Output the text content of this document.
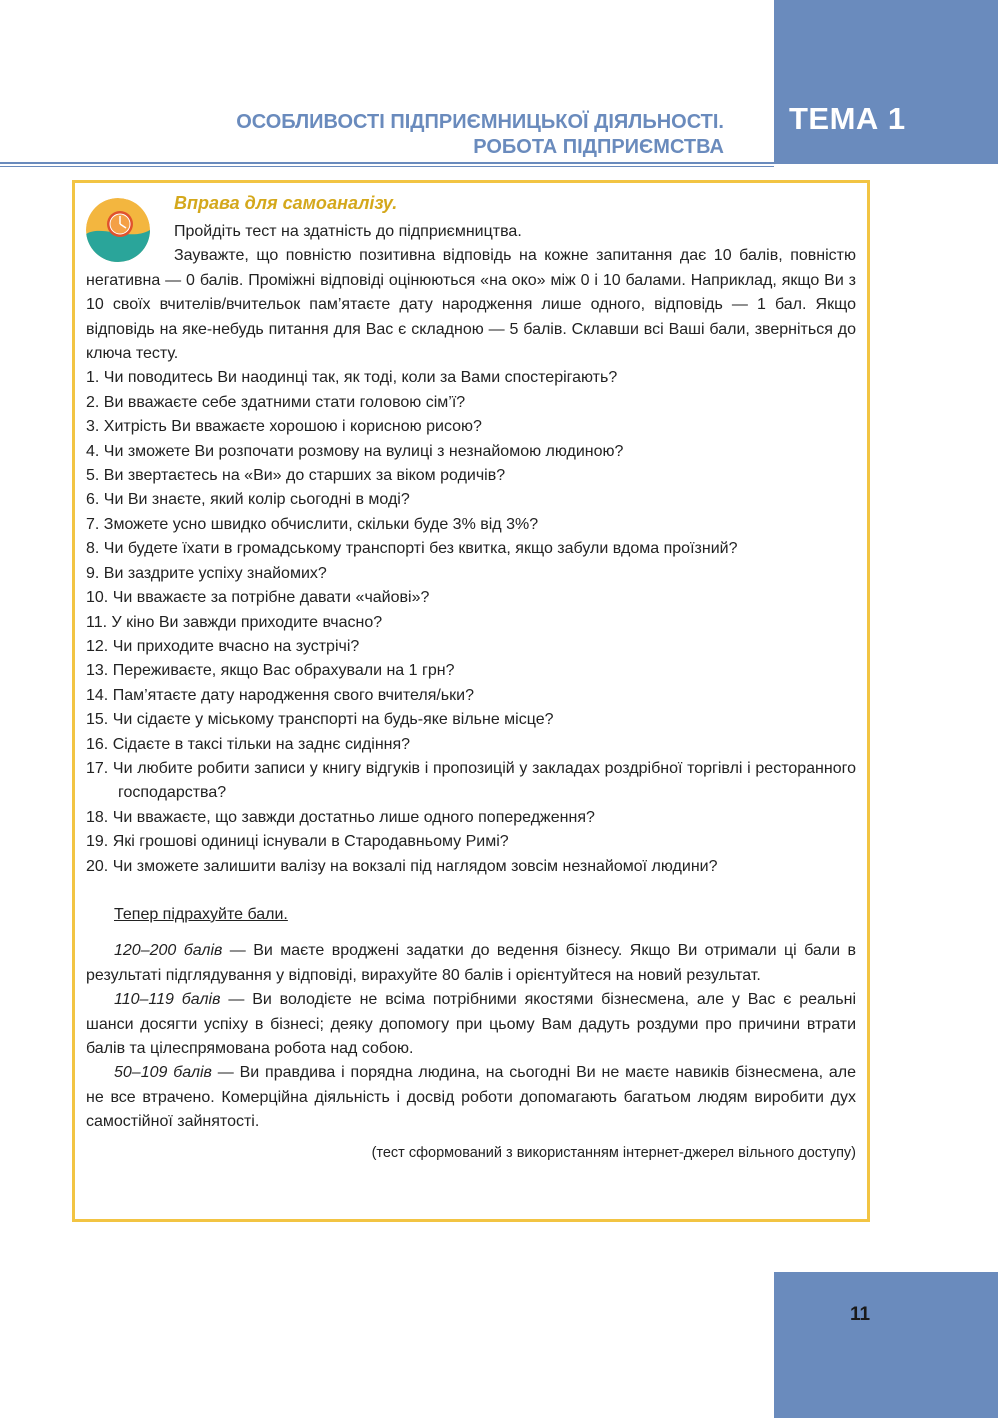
ТЕМА 1
ОСОБЛИВОСТІ ПІДПРИЄМНИЦЬКОЇ ДІЯЛЬНОСТІ.
РОБОТА ПІДПРИЄМСТВА
Вправа для самоаналізу.

Пройдіть тест на здатність до підприємництва.

Зауважте, що повністю позитивна відповідь на кожне запитання дає 10 балів, повністю негативна — 0 балів. Проміжні відповіді оцінюються «на око» між 0 і 10 балами. Наприклад, якщо Ви з 10 своїх вчителів/вчительок пам’ятаєте дату народження лише одного, відповідь — 1 бал. Якщо відповідь на яке-небудь питання для Вас є складною — 5 балів. Склавши всі Ваші бали, зверніться до ключа тесту.

1. Чи поводитесь Ви наодинці так, як тоді, коли за Вами спостерігають?

2. Ви вважаєте себе здатними стати головою сім’ї?

3. Хитрість Ви вважаєте хорошою і корисною рисою?

4. Чи зможете Ви розпочати розмову на вулиці з незнайомою людиною?

5. Ви звертаєтесь на «Ви» до старших за віком родичів?

6. Чи Ви знаєте, який колір сьогодні в моді?

7. Зможете усно швидко обчислити, скільки буде 3% від 3%?

8. Чи будете їхати в громадському транспорті без квитка, якщо забули вдома проїзний?

9. Ви заздрите успіху знайомих?

10. Чи вважаєте за потрібне давати «чайові»?

11. У кіно Ви завжди приходите вчасно?

12. Чи приходите вчасно на зустрічі?

13. Переживаєте, якщо Вас обрахували на 1 грн?

14. Пам’ятаєте дату народження свого вчителя/ьки?

15. Чи сідаєте у міському транспорті на будь-яке вільне місце?

16. Сідаєте в таксі тільки на заднє сидіння?

17. Чи любите робити записи у книгу відгуків і пропозицій у закладах роздрібної торгівлі і ресторанного господарства?

18. Чи вважаєте, що завжди достатньо лише одного попередження?

19. Які грошові одиниці існували в Стародавньому Римі?

20. Чи зможете залишити валізу на вокзалі під наглядом зовсім незнайомої людини?

Тепер підрахуйте бали.

120–200 балів — Ви маєте вроджені задатки до ведення бізнесу. Якщо Ви отримали ці бали в результаті підглядування у відповіді, вирахуйте 80 балів і орієнтуйтеся на новий результат.

110–119 балів — Ви володієте не всіма потрібними якостями бізнесмена, але у Вас є реальні шанси досягти успіху в бізнесі; деяку допомогу при цьому Вам дадуть роздуми про причини втрати балів та цілеспрямована робота над собою.

50–109 балів — Ви правдива і порядна людина, на сьогодні Ви не маєте навиків бізнесмена, але не все втрачено. Комерційна діяльність і досвід роботи допомагають багатьом людям виробити дух самостійної зайнятості.

(тест сформований з використанням інтернет-джерел вільного доступу)

11
